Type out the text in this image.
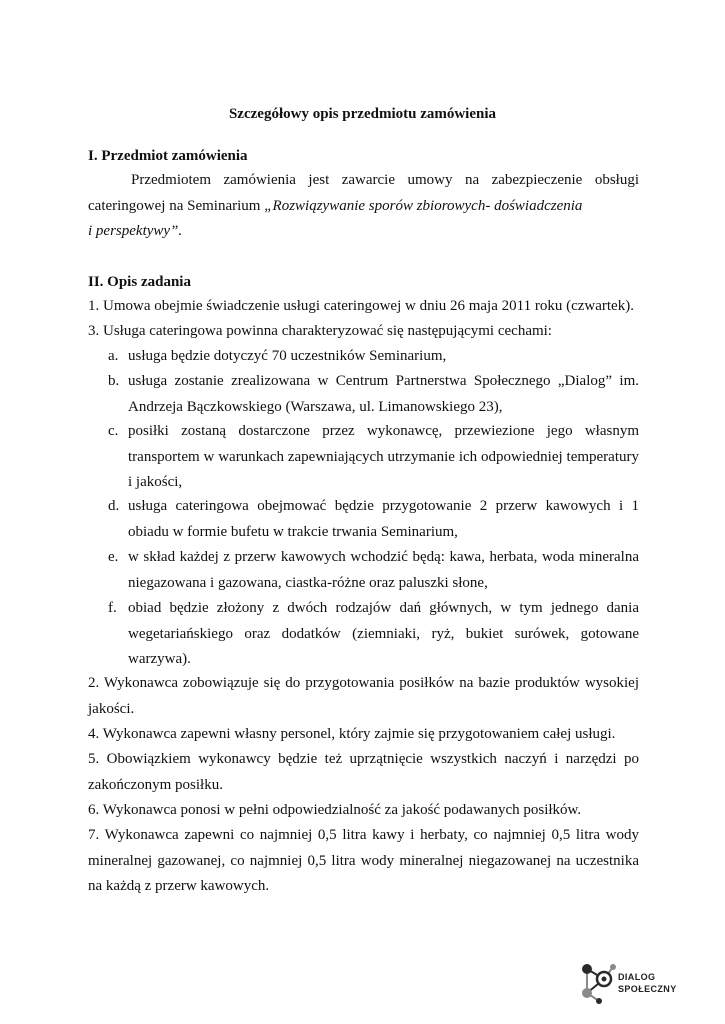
Szczegółowy opis przedmiotu zamówienia
I. Przedmiot zamówienia
Przedmiotem zamówienia jest zawarcie umowy na zabezpieczenie obsługi
cateringowej na Seminarium „Rozwiązywanie sporów zbiorowych- doświadczenia
i perspektywy”.
II. Opis zadania
1. Umowa obejmie świadczenie usługi cateringowej w dniu 26 maja 2011 roku (czwartek).
3. Usługa cateringowa powinna charakteryzować się następującymi cechami:
a. usługa będzie dotyczyć 70 uczestników Seminarium,
b. usługa zostanie zrealizowana w Centrum Partnerstwa Społecznego „Dialog” im. Andrzeja Bączkowskiego (Warszawa, ul. Limanowskiego 23),
c. posiłki zostaną dostarczone przez wykonawcę, przewiezione jego własnym transportem w warunkach zapewniających utrzymanie ich odpowiedniej temperatury i jakości,
d. usługa cateringowa obejmować będzie przygotowanie 2 przerw kawowych i 1 obiadu w formie bufetu w trakcie trwania Seminarium,
e. w skład każdej z przerw kawowych wchodzić będą: kawa, herbata, woda mineralna niegazowana i gazowana, ciastka-różne oraz paluszki słone,
f. obiad będzie złożony z dwóch rodzajów dań głównych, w tym jednego dania wegetariańskiego oraz dodatków (ziemniaki, ryż, bukiet surówek, gotowane warzywa).
2. Wykonawca zobowiązuje się do przygotowania posiłków na bazie produktów wysokiej jakości.
4. Wykonawca zapewni własny personel, który zajmie się przygotowaniem całej usługi.
5. Obowiązkiem wykonawcy będzie też uprzątnięcie wszystkich naczyń i narzędzi po zakończonym posiłku.
6. Wykonawca ponosi w pełni odpowiedzialność za jakość podawanych posiłków.
7. Wykonawca zapewni co najmniej 0,5 litra kawy i herbaty, co najmniej 0,5 litra wody mineralnej gazowanej, co najmniej 0,5 litra wody mineralnej niegazowanej na uczestnika na każdą z przerw kawowych.
DIALOG
SPOŁECZNY
